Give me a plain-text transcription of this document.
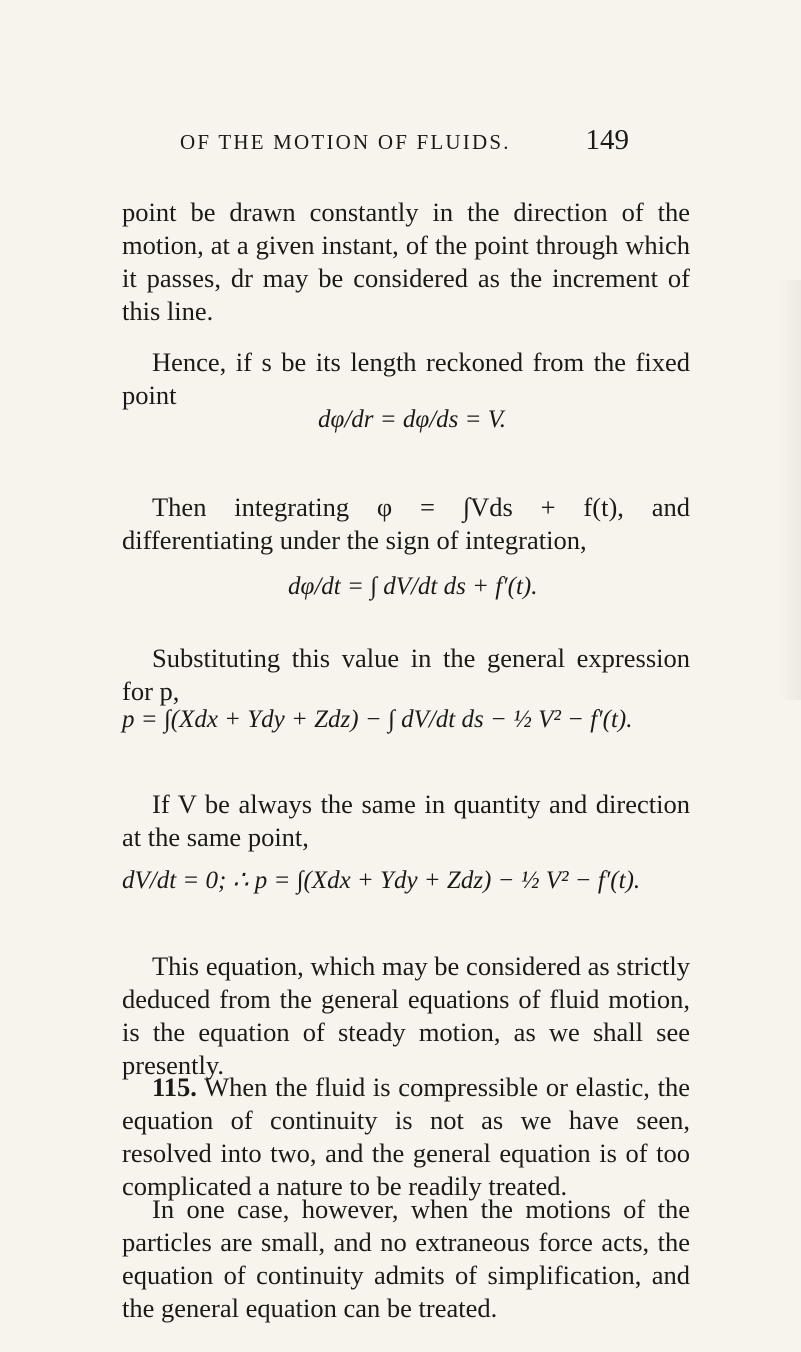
OF THE MOTION OF FLUIDS.	149
point be drawn constantly in the direction of the motion, at a given instant, of the point through which it passes, dr may be considered as the increment of this line.
Hence, if s be its length reckoned from the fixed point
dφ/dr = dφ/ds = V.
Then integrating φ = ∫Vds + f(t), and differentiating under the sign of integration,
dφ/dt = ∫ dV/dt ds + f′(t).
Substituting this value in the general expression for p,
p = ∫(Xdx + Ydy + Zdz) − ∫ dV/dt ds − ½ V² − f′(t).
If V be always the same in quantity and direction at the same point,
dV/dt = 0; ∴ p = ∫(Xdx + Ydy + Zdz) − ½ V² − f′(t).
This equation, which may be considered as strictly deduced from the general equations of fluid motion, is the equation of steady motion, as we shall see presently.
115. When the fluid is compressible or elastic, the equation of continuity is not as we have seen, resolved into two, and the general equation is of too complicated a nature to be readily treated.
In one case, however, when the motions of the particles are small, and no extraneous force acts, the equation of continuity admits of simplification, and the general equation can be treated.
